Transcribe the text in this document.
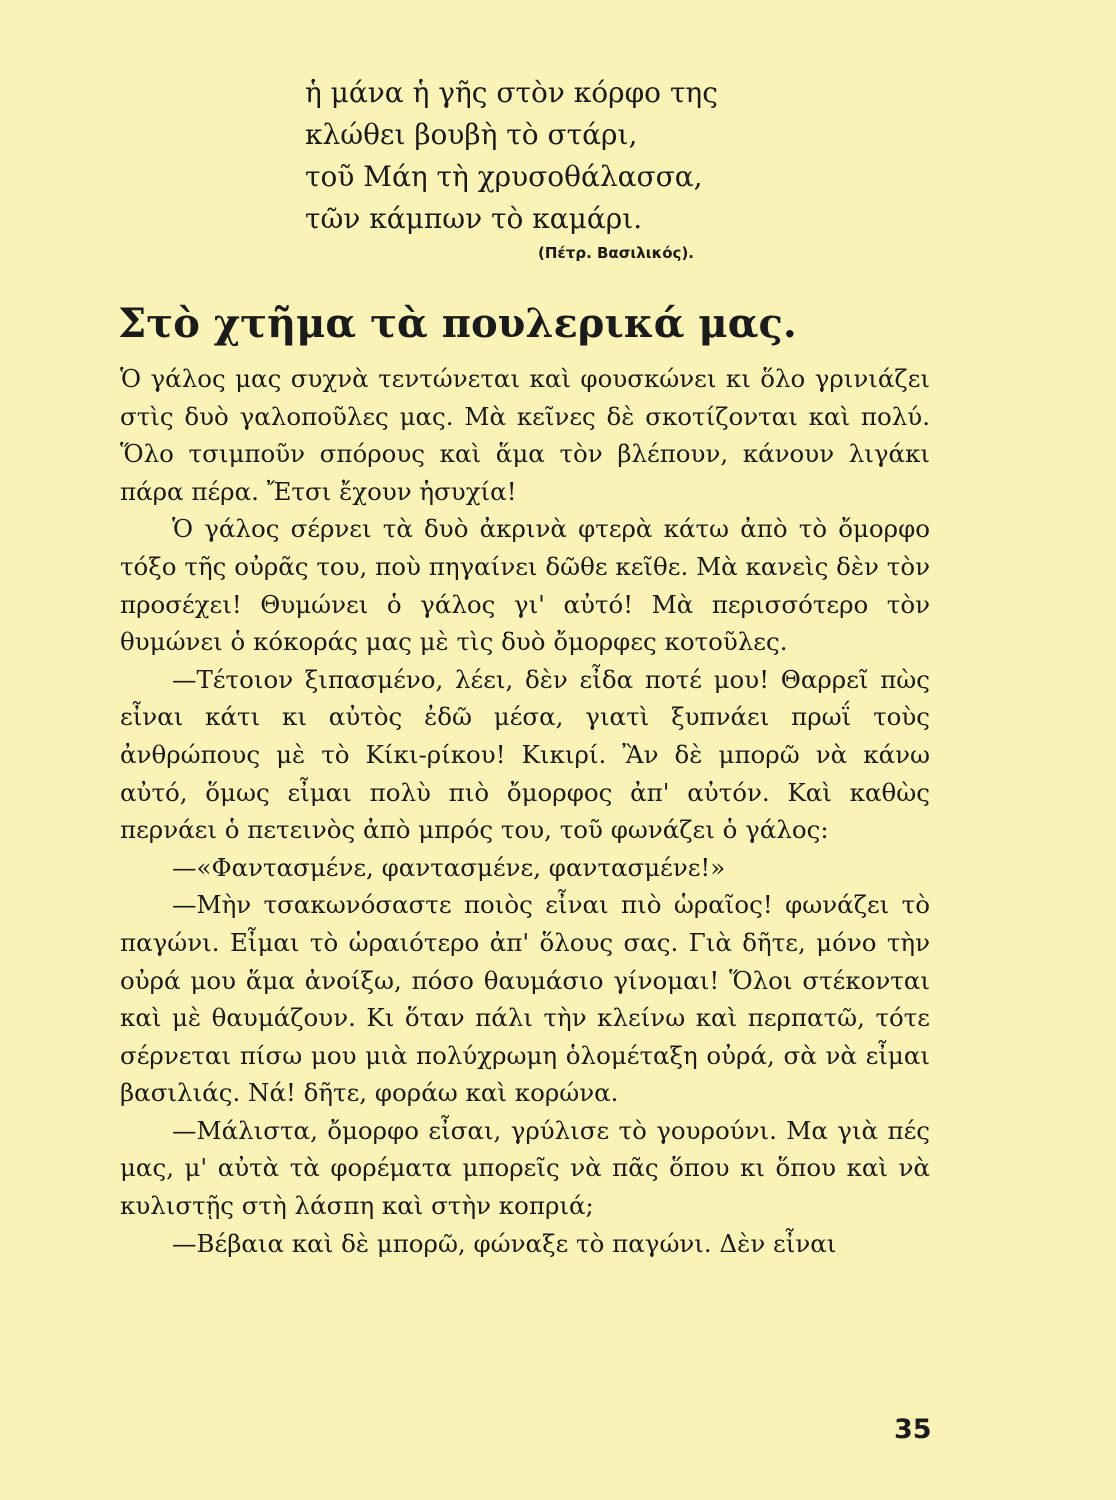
ἡ μάνα ἡ γῆς στὸν κόρφο της
κλώθει βουβὴ τὸ στάρι,
τοῦ Μάη τὴ χρυσοθάλασσα,
τῶν κάμπων τὸ καμάρι.
(Πέτρ. Βασιλικός).
Στὸ χτῆμα τὰ πουλερικά μας.

Ὁ γάλος μας συχνὰ τεντώνεται καὶ φουσκώνει κι ὅλο γρινιάζει στὶς δυὸ γαλοποῦλες μας. Μὰ κεῖνες δὲ σκοτίζονται καὶ πολύ. Ὅλο τσιμποῦν σπόρους καὶ ἅμα τὸν βλέπουν, κάνουν λιγάκι πάρα πέρα. Ἔτσι ἔχουν ἡσυχία!

Ὁ γάλος σέρνει τὰ δυὸ ἀκρινὰ φτερὰ κάτω ἀπὸ τὸ ὄμορφο τόξο τῆς οὐρᾶς του, ποὺ πηγαίνει δῶθε κεῖθε. Μὰ κανεὶς δὲν τὸν προσέχει! Θυμώνει ὁ γάλος γι' αὐτό! Μὰ περισσότερο τὸν θυμώνει ὁ κόκοράς μας μὲ τὶς δυὸ ὄμορφες κοτοῦλες.

—Τέτοιον ξιπασμένο, λέει, δὲν εἶδα ποτέ μου! Θαρρεῖ πὼς εἶναι κάτι κι αὐτὸς ἐδῶ μέσα, γιατὶ ξυπνάει πρωΐ τοὺς ἀνθρώπους μὲ τὸ Κίκι-ρίκου! Κικιρί. Ἂν δὲ μπορῶ νὰ κάνω αὐτό, ὅμως εἶμαι πολὺ πιὸ ὄμορφος ἀπ' αὐτόν. Καὶ καθὼς περνάει ὁ πετεινὸς ἀπὸ μπρός του, τοῦ φωνάζει ὁ γάλος:

—«Φαντασμένε, φαντασμένε, φαντασμένε!»

—Μὴν τσακωνόσαστε ποιὸς εἶναι πιὸ ὡραῖος! φωνάζει τὸ παγώνι. Εἶμαι τὸ ὡραιότερο ἀπ' ὅλους σας. Γιὰ δῆτε, μόνο τὴν οὐρά μου ἅμα ἀνοίξω, πόσο θαυμάσιο γίνομαι! Ὅλοι στέκονται καὶ μὲ θαυμάζουν. Κι ὅταν πάλι τὴν κλείνω καὶ περπατῶ, τότε σέρνεται πίσω μου μιὰ πολύχρωμη ὁλομέταξη οὐρά, σὰ νὰ εἶμαι βασιλιάς. Νά! δῆτε, φοράω καὶ κορώνα.

—Μάλιστα, ὄμορφο εἶσαι, γρύλισε τὸ γουρούνι. Μα γιὰ πές μας, μ' αὐτὰ τὰ φορέματα μπορεῖς νὰ πᾶς ὅπου κι ὅπου καὶ νὰ κυλιστῇς στὴ λάσπη καὶ στὴν κοπριά;

—Βέβαια καὶ δὲ μπορῶ, φώναξε τὸ παγώνι. Δὲν εἶναι

35
